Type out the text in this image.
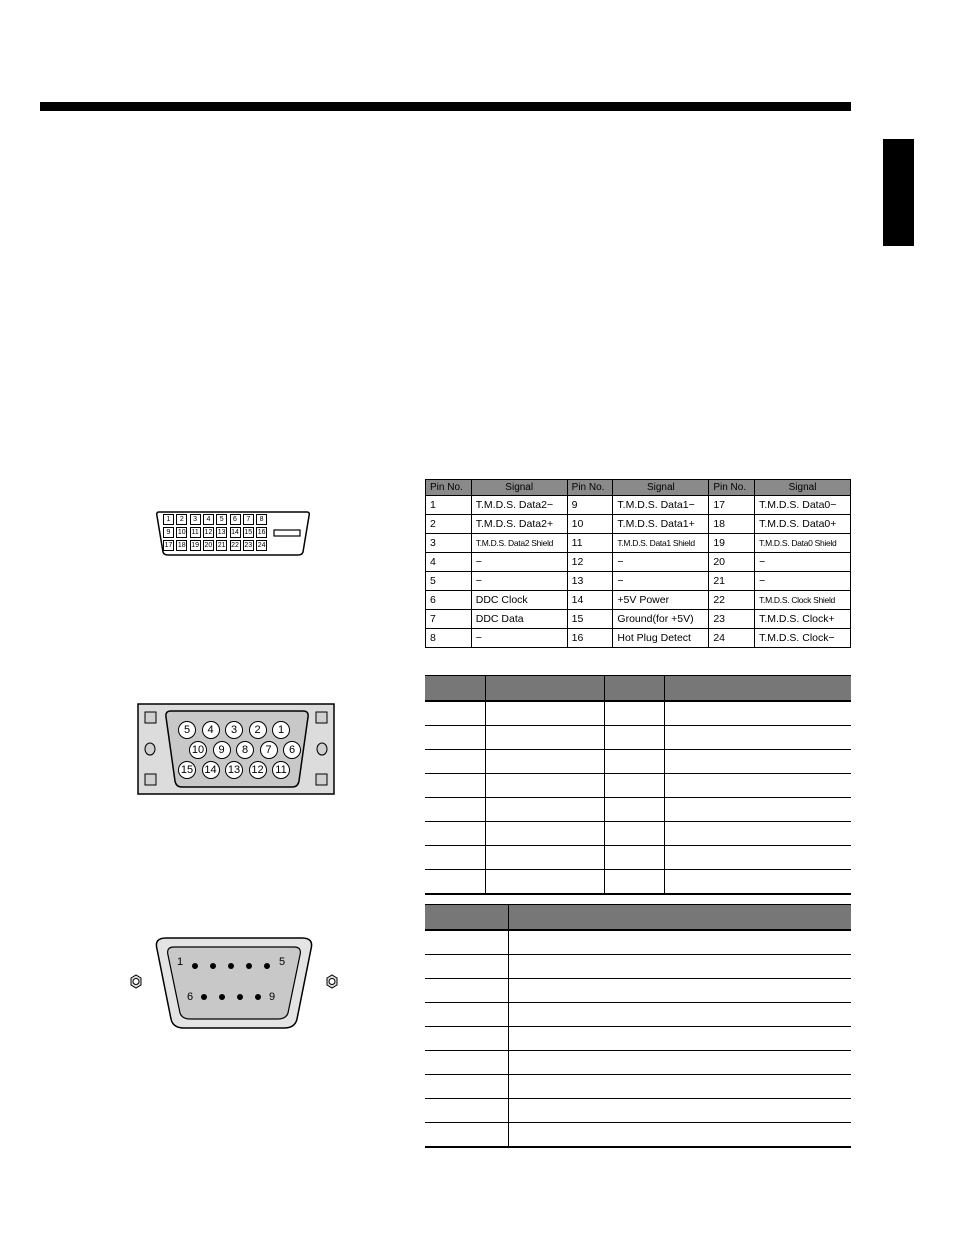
1	2	3	4	5	6	7	8
9	10 11 12 13 14 15 16
17 18 19 20 21 22 23 24
5	4	3	2	1
10	9	8	7	6
15 14 13 12 11
1	5
6	9
Pin No.	Signal	Pin No.	Signal	Pin No.	Signal
1	T.M.D.S. Data2−	9	T.M.D.S. Data1−	17	T.M.D.S. Data0−
2	T.M.D.S. Data2+	10	T.M.D.S. Data1+	18	T.M.D.S. Data0+
3	T.M.D.S. Data2 Shield	11	T.M.D.S. Data1 Shield	19	T.M.D.S. Data0 Shield
4	−	12	−	20	−
5	−	13	−	21	−
6	DDC Clock	14	+5V Power	22	T.M.D.S. Clock Shield
7	DDC Data	15	Ground(for +5V)	23	T.M.D.S. Clock+
8	−	16	Hot Plug Detect	24	T.M.D.S. Clock−
